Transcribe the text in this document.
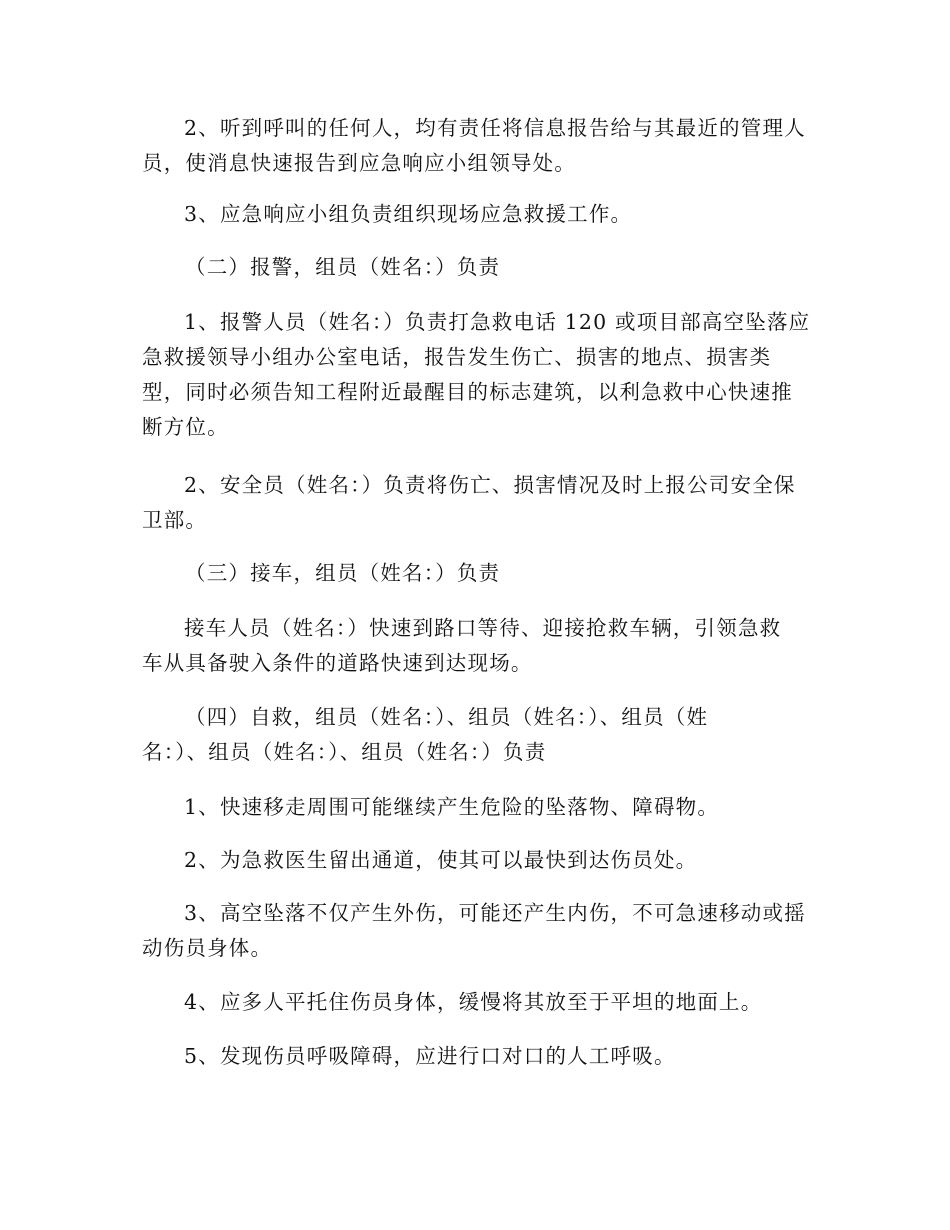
2、听到呼叫的任何人，均有责任将信息报告给与其最近的管理人
员，使消息快速报告到应急响应小组领导处。

3、应急响应小组负责组织现场应急救援工作。

（二）报警，组员（姓名：）负责

1、报警人员（姓名：）负责打急救电话 120 或项目部高空坠落应
急救援领导小组办公室电话，报告发生伤亡、损害的地点、损害类
型，同时必须告知工程附近最醒目的标志建筑，以利急救中心快速推
断方位。

2、安全员（姓名：）负责将伤亡、损害情况及时上报公司安全保
卫部。

（三）接车，组员（姓名：）负责

接车人员（姓名：）快速到路口等待、迎接抢救车辆，引领急救
车从具备驶入条件的道路快速到达现场。

（四）自救，组员（姓名：）、组员（姓名：）、组员（姓
名：）、组员（姓名：）、组员（姓名：）负责

1、快速移走周围可能继续产生危险的坠落物、障碍物。

2、为急救医生留出通道，使其可以最快到达伤员处。

3、高空坠落不仅产生外伤，可能还产生内伤，不可急速移动或摇
动伤员身体。

4、应多人平托住伤员身体，缓慢将其放至于平坦的地面上。

5、发现伤员呼吸障碍，应进行口对口的人工呼吸。
